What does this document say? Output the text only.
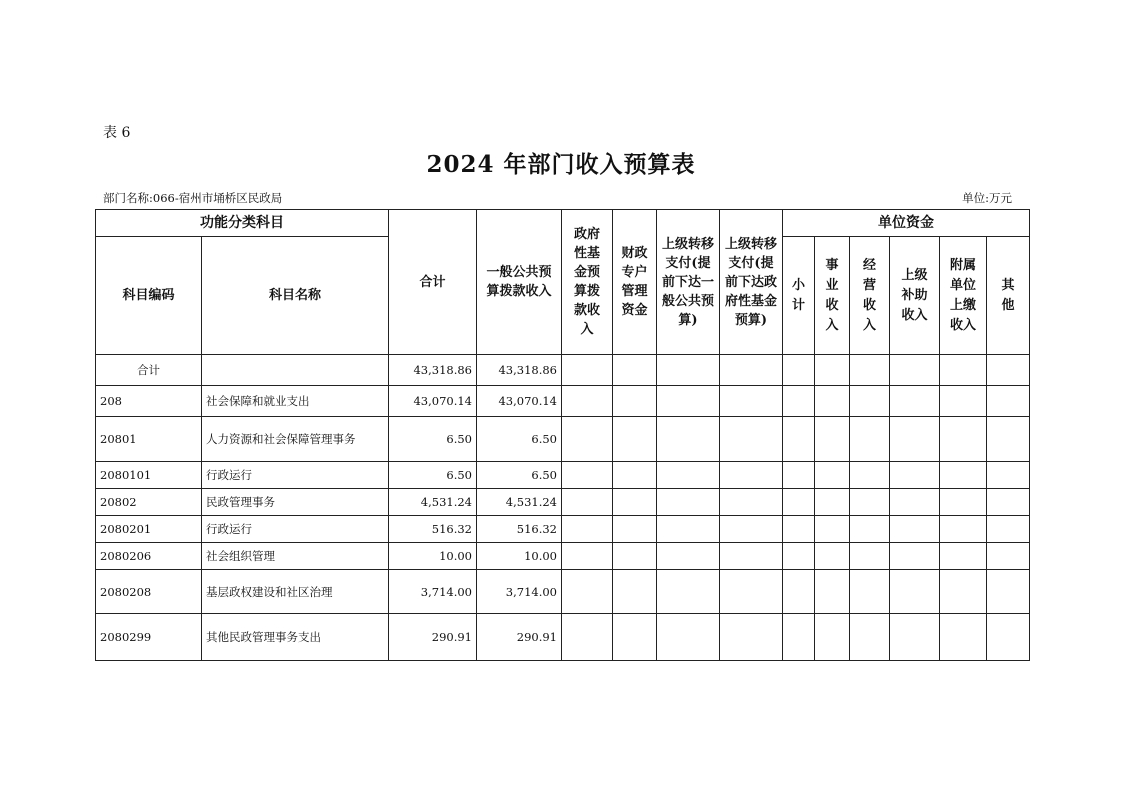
表 6
2024 年部门收入预算表
部门名称:066-宿州市埇桥区民政局	单位:万元
功能分类科目		合计	一般公共预算拨款收入	政府性基金预算拨款收入	财政专户管理资金	上级转移支付(提前下达一般公共预算)	上级转移支付(提前下达政府性基金预算)	单位资金					
科目编码	科目名称							小计	事业收入	经营收入	上级补助收入	附属单位上缴收入	其他

合计		43,318.86	43,318.86										
208	社会保障和就业支出	43,070.14	43,070.14										
20801	人力资源和社会保障管理事务	6.50	6.50										
2080101	行政运行	6.50	6.50										
20802	民政管理事务	4,531.24	4,531.24										
2080201	行政运行	516.32	516.32										
2080206	社会组织管理	10.00	10.00										
2080208	基层政权建设和社区治理	3,714.00	3,714.00										
2080299	其他民政管理事务支出	290.91	290.91										
